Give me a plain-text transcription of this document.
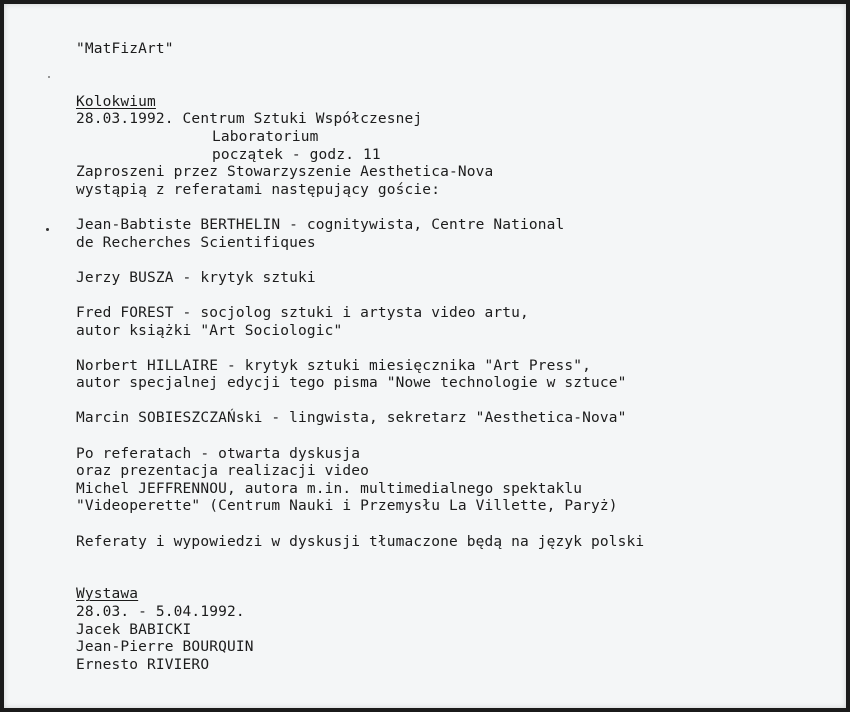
"MatFizArt"
Kolokwium
28.03.1992. Centrum Sztuki Współczesnej
Laboratorium
początek - godz. 11
Zaproszeni przez Stowarzyszenie Aesthetica-Nova
wystąpią z referatami następujący goście:
Jean-Babtiste BERTHELIN - cognitywista, Centre National
de Recherches Scientifiques
Jerzy BUSZA - krytyk sztuki
Fred FOREST - socjolog sztuki i artysta video artu,
autor książki "Art Sociologic"
Norbert HILLAIRE - krytyk sztuki miesięcznika "Art Press",
autor specjalnej edycji tego pisma "Nowe technologie w sztuce"
Marcin SOBIESZCZAŃski - lingwista, sekretarz "Aesthetica-Nova"
Po referatach - otwarta dyskusja
oraz prezentacja realizacji video
Michel JEFFRENNOU, autora m.in. multimedialnego spektaklu
"Videoperette" (Centrum Nauki i Przemysłu La Villette, Paryż)
Referaty i wypowiedzi w dyskusji tłumaczone będą na język polski
Wystawa
28.03. - 5.04.1992.
Jacek BABICKI
Jean-Pierre BOURQUIN
Ernesto RIVIERO
